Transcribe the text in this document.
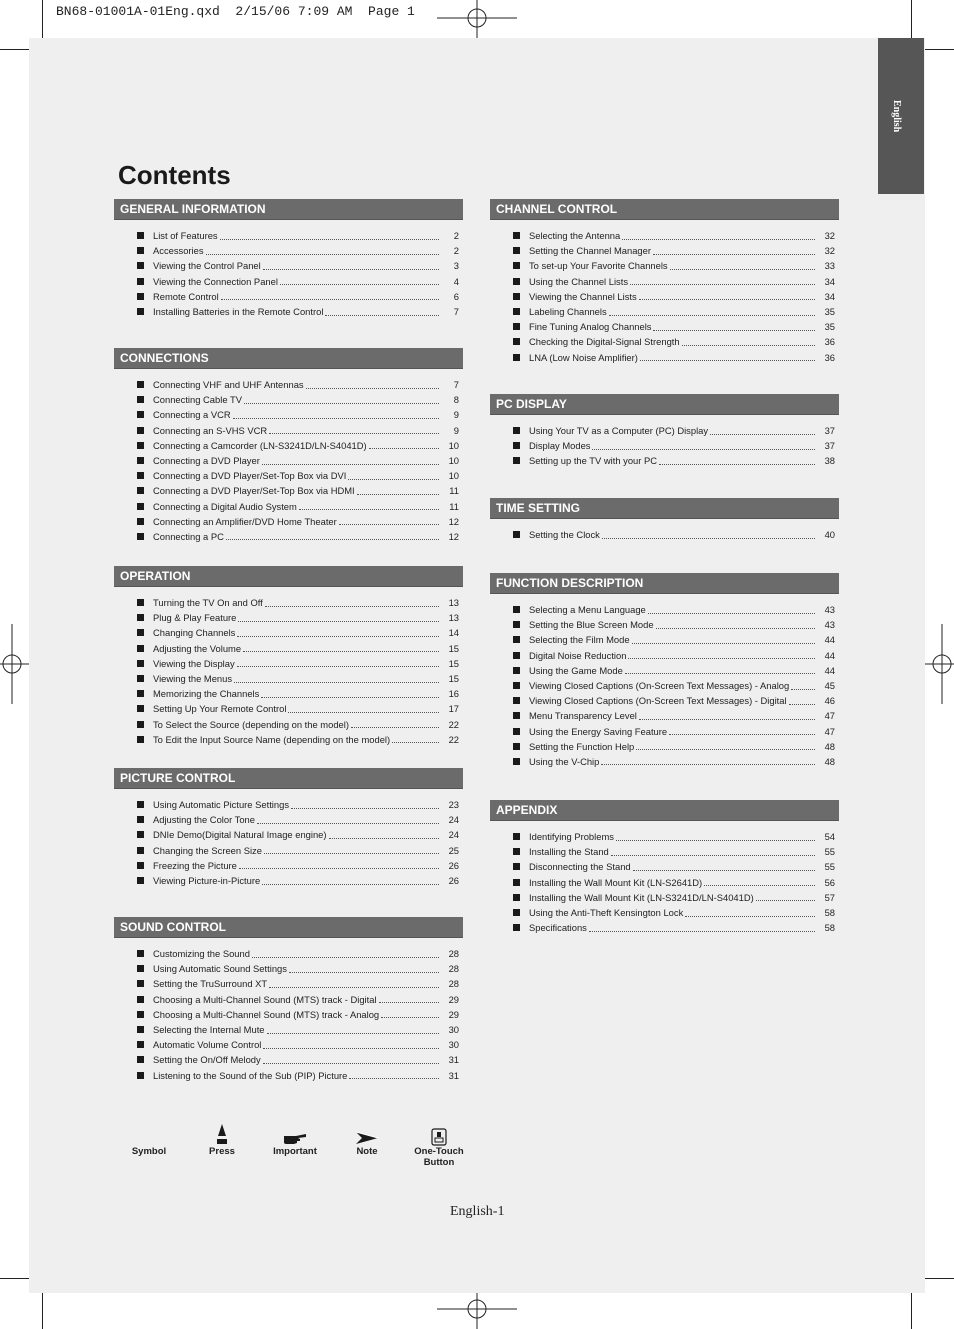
BN68-01001A-01Eng.qxd  2/15/06 7:09 AM  Page 1
English
Contents
GENERAL INFORMATION
List of Features	2
Accessories	2
Viewing the Control Panel	3
Viewing the Connection Panel	4
Remote Control	6
Installing Batteries in the Remote Control	7
CONNECTIONS
Connecting VHF and UHF Antennas	7
Connecting Cable TV	8
Connecting a VCR	9
Connecting an S-VHS VCR	9
Connecting a Camcorder (LN-S3241D/LN-S4041D)	10
Connecting a DVD Player	10
Connecting a DVD Player/Set-Top Box via DVI	10
Connecting a DVD Player/Set-Top Box via HDMI	11
Connecting a Digital Audio System	11
Connecting an Amplifier/DVD Home Theater	12
Connecting a PC	12
OPERATION
Turning the TV On and Off	13
Plug & Play Feature	13
Changing Channels	14
Adjusting the Volume	15
Viewing the Display	15
Viewing the Menus	15
Memorizing the Channels	16
Setting Up Your Remote Control	17
To Select the Source (depending on the model)	22
To Edit the Input Source Name (depending on the model)	22
PICTURE CONTROL
Using Automatic Picture Settings	23
Adjusting the Color Tone	24
DNIe Demo(Digital Natural Image engine)	24
Changing the Screen Size	25
Freezing the Picture	26
Viewing Picture-in-Picture	26
SOUND CONTROL
Customizing the Sound	28
Using Automatic Sound Settings	28
Setting the TruSurround XT	28
Choosing a Multi-Channel Sound (MTS) track - Digital	29
Choosing a Multi-Channel Sound (MTS) track - Analog	29
Selecting the Internal Mute	30
Automatic Volume Control	30
Setting the On/Off Melody	31
Listening to the Sound of the Sub (PIP) Picture	31
CHANNEL CONTROL
Selecting the Antenna	32
Setting the Channel Manager	32
To set-up Your Favorite Channels	33
Using the Channel Lists	34
Viewing the Channel Lists	34
Labeling Channels	35
Fine Tuning Analog Channels	35
Checking the Digital-Signal Strength	36
LNA (Low Noise Amplifier)	36
PC DISPLAY
Using Your TV as a Computer (PC) Display	37
Display Modes	37
Setting up the TV with your PC	38
TIME SETTING
Setting the Clock	40
FUNCTION DESCRIPTION
Selecting a Menu Language	43
Setting the Blue Screen Mode	43
Selecting the Film Mode	44
Digital Noise Reduction	44
Using the Game Mode	44
Viewing Closed Captions (On-Screen Text Messages) - Analog	45
Viewing Closed Captions (On-Screen Text Messages) - Digital	46
Menu Transparency Level	47
Using the Energy Saving Feature	47
Setting the Function Help	48
Using the V-Chip	48
APPENDIX
Identifying Problems	54
Installing the Stand	55
Disconnecting the Stand	55
Installing the Wall Mount Kit (LN-S2641D)	56
Installing the Wall Mount Kit (LN-S3241D/LN-S4041D)	57
Using the Anti-Theft Kensington Lock	58
Specifications	58
Symbol	Press	Important	Note	One-Touch
Button
English-1
